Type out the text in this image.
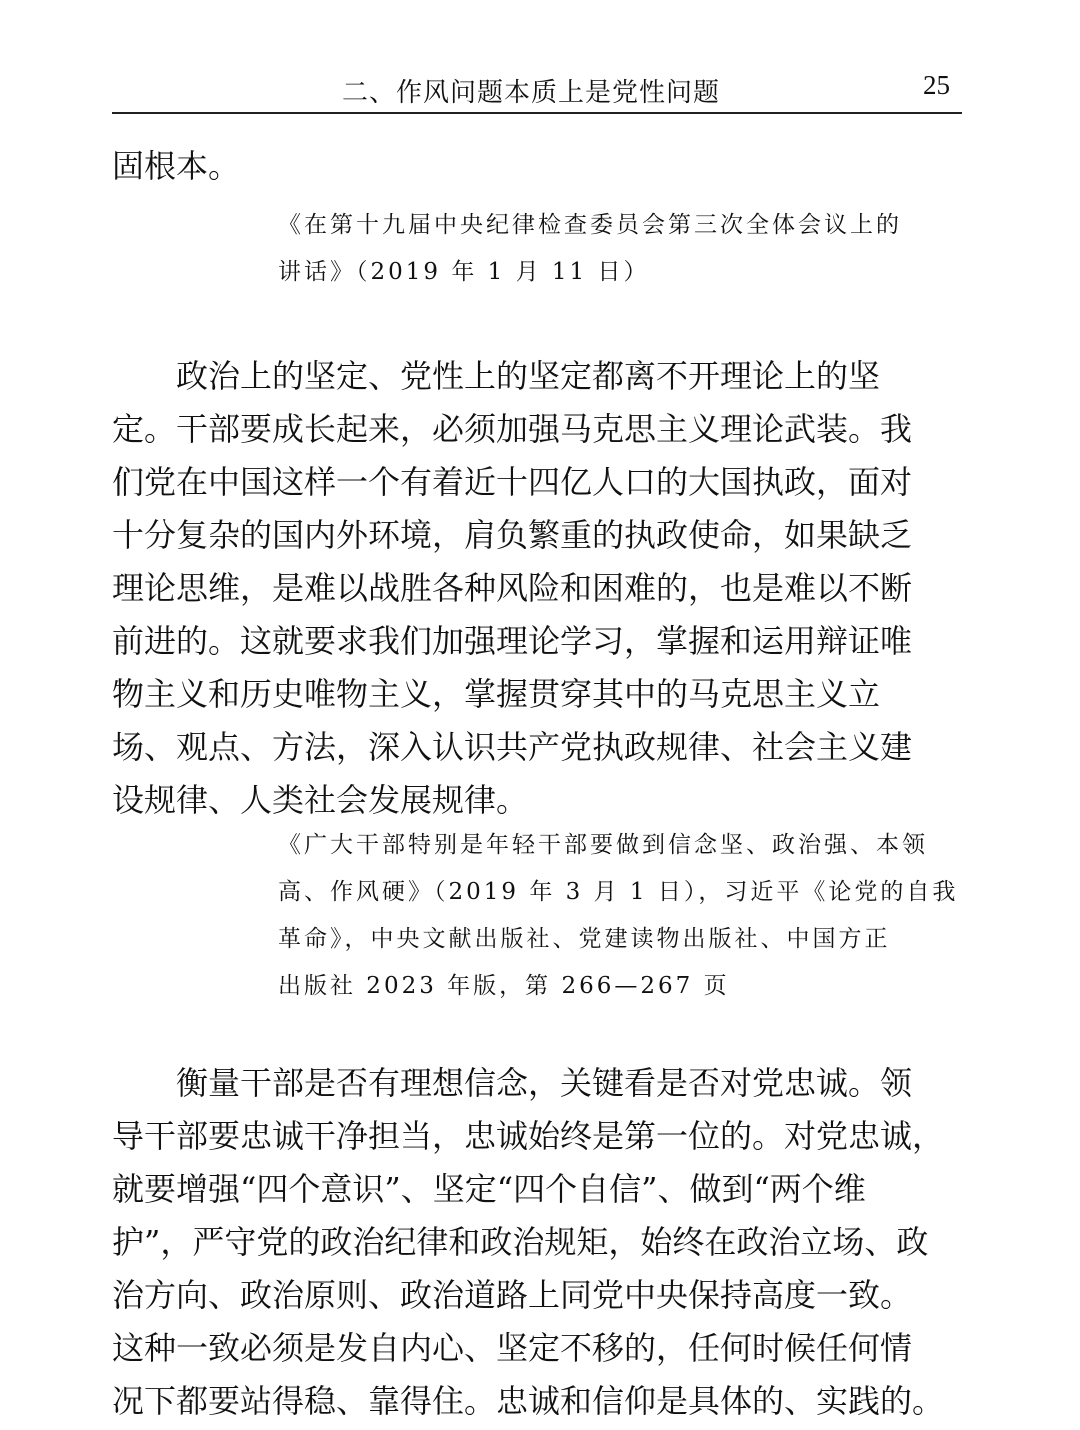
二、作风问题本质上是党性问题	25

固根本。

《在第十九届中央纪律检查委员会第三次全体会议上的
讲话》（2019 年 1 月 11 日）

　　政治上的坚定、党性上的坚定都离不开理论上的坚
定。干部要成长起来，必须加强马克思主义理论武装。我
们党在中国这样一个有着近十四亿人口的大国执政，面对
十分复杂的国内外环境，肩负繁重的执政使命，如果缺乏
理论思维，是难以战胜各种风险和困难的，也是难以不断
前进的。这就要求我们加强理论学习，掌握和运用辩证唯
物主义和历史唯物主义，掌握贯穿其中的马克思主义立
场、观点、方法，深入认识共产党执政规律、社会主义建
设规律、人类社会发展规律。

《广大干部特别是年轻干部要做到信念坚、政治强、本领
高、作风硬》（2019 年 3 月 1 日），习近平《论党的自我
革命》，中央文献出版社、党建读物出版社、中国方正
出版社 2023 年版，第 266—267 页

　　衡量干部是否有理想信念，关键看是否对党忠诚。领
导干部要忠诚干净担当，忠诚始终是第一位的。对党忠诚，
就要增强“四个意识”、坚定“四个自信”、做到“两个维
护”，严守党的政治纪律和政治规矩，始终在政治立场、政
治方向、政治原则、政治道路上同党中央保持高度一致。
这种一致必须是发自内心、坚定不移的，任何时候任何情
况下都要站得稳、靠得住。忠诚和信仰是具体的、实践的。
